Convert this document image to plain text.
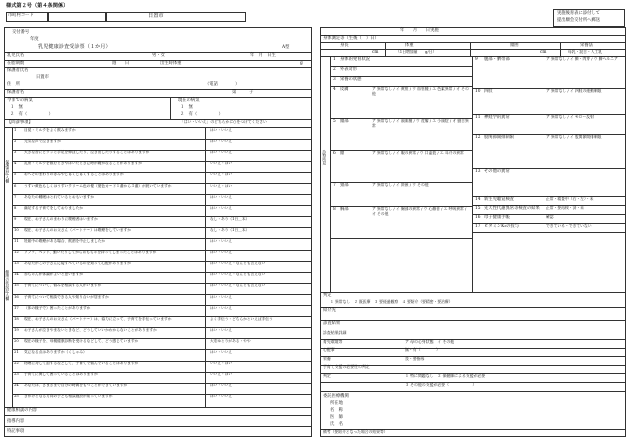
様式第２号（第４条関係）
市町村コード	日置市	実施後育表に添付して
提出願会交付所へ郵送
交付番号
年度
乳児健康診査受診票（１か月）	A型
乳児氏名	男・女	年　月　日生
在胎期数	週　　日	出生時体重	g
保護者氏名
日置市
住　所	（電話　　　　）
保護者名	第　　　子
今までの病気	現在の病気
１　無	１　無
２　有（　　　　　）	２　有（　　　　　）
【問診事項】	「はい・いいえ」のどちらかに○をつけてください
保護者記入欄
健康の状況記入欄
1 目覚・ミルクをよく飲みますか	はい・いいえ
2 元気な声で泣きますか	はい・いいえ
3 大きな音にビクッと手足を伸ばしたり、泣き出したりすることはありますか	はい・いいえ
4 乳房・ミルクを飲むときやはいたときに時が聞かなることがありますか	いいえ・はい
5 おへそのまわりの赤みやじゅくじゅくすることはありますか	いいえ・はい
6 うすい黄色もしくはうすいクリーム色の便（便色カード１番から３番）が続いていますか	いいえ・はい
7 あなたの睡眠はとれているとおもいますか	はい・いいえ
8 満足する子育てをしておりましたか	はい・いいえ
9 現在、お子さんのまわりに喫煙者はいますか	なし・あり（1日＿本）
10 現在、お子さんのお父さん（パートナー）は喫煙をしていますか	なし・あり（1日＿本）
11 妊娠中の喫煙がある場合、飲酒を中止しましたか	はい・いいえ
12 ソファ、ベッド、動いたりしてからおもちゃを持ってしまったことはありますか	はい・いいえ
13 あなたがこの子さんに接すべているのを知って心配がありますか	はい・いいえ・なんとも言えない
14 赤ちゃんが体調がよいと思いますか	はい・いいえ・なんとも言えない
15 子育てについて、悩みを相談する人がいますか	はい・いいえ・なんとも言えない
16 子育てについて相談できる人や知り合いが居ますか	はい・いいえ
17 （体の様子で）困ったことがありますか	はい・いいえ
18 現在、お子さんのお父さん（パートナー）は、協力に立って、子育てを手伝っていますか	よく手伝う・どちらかといえば手伝う
19 お子さんが泣きやまないときなど、どうしていいかわからないことがありますか	はい・いいえ
20 現在の様子を、母親健康診断を受けるなどして、どう感じていますか	大変ゆとりがある・やや
21 気になる点はありますか（くしゃみ）	はい・いいえ
22 物理に対して罰するなどして、子育てで悩んでいることはありますか	いいえ・はい
23 子育てに関して困っていることはありますか	いいえ・はい
24 あなたは、さまざまで自分の時間をもつことができていますか	はい・いいえ
25 きかけとなる方向の子ども相談施設が知っていますか	はい・いいえ
健康相談の内容
指導内容
特記事項
年　　月　　日実施
身体測定等（生後（　）日）
身長	体重	頭囲	栄養法
cm	（1日増加量　　g/日）	cm	母乳・混合・人工乳
診察所見
1 身体的発育状況
2 外表奇形
3 栄養の状態
4 皮膚	ア 異常なし / イ 黄疸 / ウ 血管腫 / エ 色素異常 / オ その他
5 頭部	ア 異常なし / イ 頭血腫 / ウ 産瘤 / エ 小頭症 / オ 縫合異常
6 顔	ア 異常なし / イ 眼の異常 / ウ 口蓋裂 / エ 耳介の異常
7 頸部	ア 異常なし / イ 斜頸 / ウ その他
8 胸部	ア 異常なし / イ 胸部の異常 / ウ 心雑音 / エ 呼吸異常 / オ その他
9 腹部・臍帯部	ア 異常なし / イ 臍・肉芽 / ウ 臍ヘルニア
10 四肢	ア 異常なし / イ 四肢の運動制限
11 神経学的異常	ア 異常なし / イ モロー反射
12 股関節開排制限	ア 異常なし / イ 股関節開排制限
13 その他の異常
14 新生児聴覚検査	正常・精査中（右・左）・未
15 先天性代謝異常等検査の結果	正常・要再検・済・未
16 母子健康手帳	確認
17 ビタミンK₂の投与	できている・できていない
判定
１ 異常なし　２ 既医療　３ 要経過観察　４ 要紹介（要精密・要治療）
紹介先
診査結果
診査結果詳細
育児環境等	ア 母の心身状態　イ その他
心配事	無・有（　　　　）
栄養	良・要指導
子育て支援の必要性の判定
判定	１ 特に問題なし　２ 保健師による支援が必要
３ その他の支援が必要（　　　　　　）
委託医療機関
所在地
名　称
医　師
氏　名
備考（要紹介となった場合の結果等）
